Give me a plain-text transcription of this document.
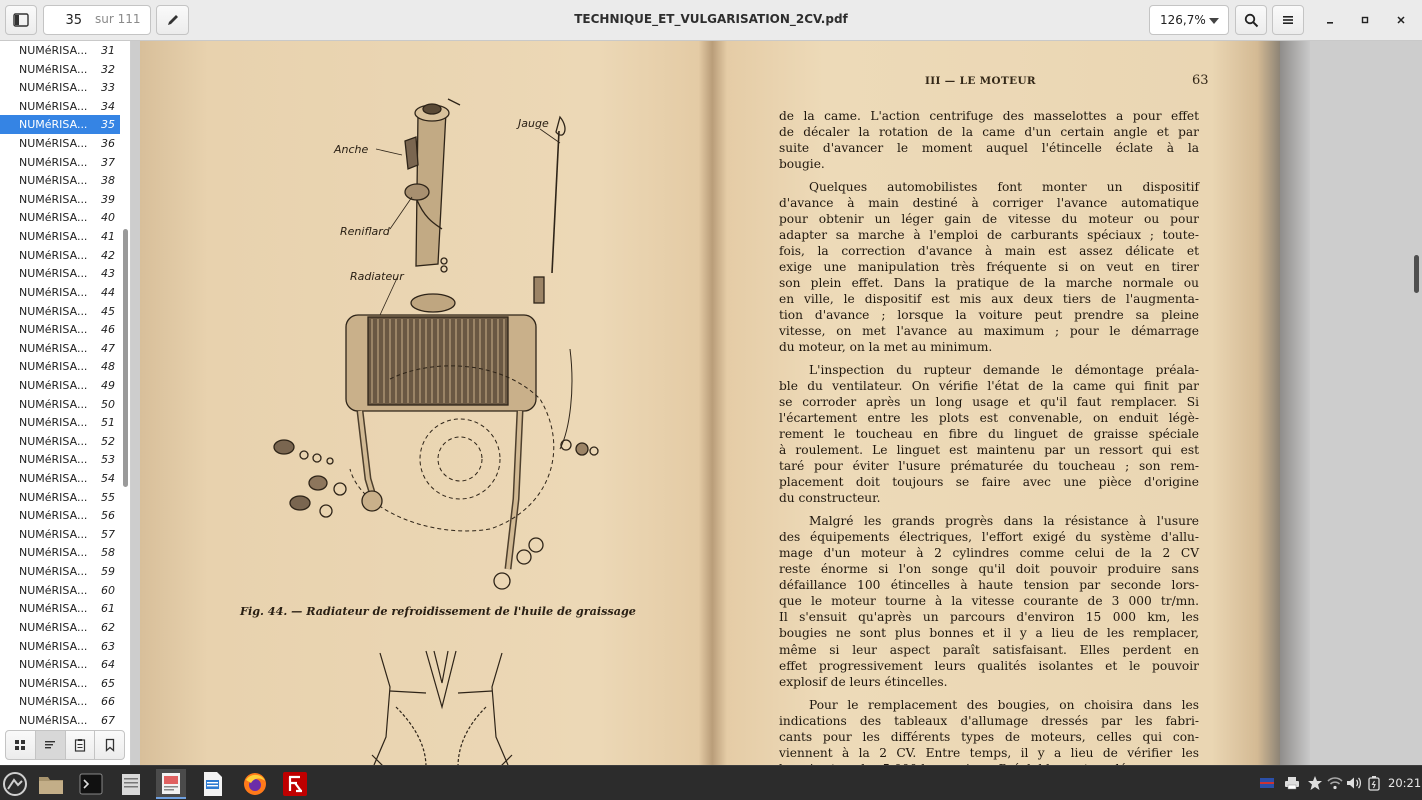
35
sur 111	TECHNIQUE_ET_VULGARISATION_2CV.pdf	126,7%
NUMéRISA... 31
NUMéRISA... 32
NUMéRISA... 33
NUMéRISA... 34
NUMéRISA... 35
NUMéRISA... 36
NUMéRISA... 37
NUMéRISA... 38
NUMéRISA... 39
NUMéRISA... 40
NUMéRISA... 41
NUMéRISA... 42
NUMéRISA... 43
NUMéRISA... 44
NUMéRISA... 45
NUMéRISA... 46
NUMéRISA... 47
NUMéRISA... 48
NUMéRISA... 49
NUMéRISA... 50
NUMéRISA... 51
NUMéRISA... 52
NUMéRISA... 53
NUMéRISA... 54
NUMéRISA... 55
NUMéRISA... 56
NUMéRISA... 57
NUMéRISA... 58
NUMéRISA... 59
NUMéRISA... 60
NUMéRISA... 61
NUMéRISA... 62
NUMéRISA... 63
NUMéRISA... 64
NUMéRISA... 65
NUMéRISA... 66
NUMéRISA... 67
Anche
Jauge
Reniflard
Radiateur
Fig. 44. — Radiateur de refroidissement de l'huile de graissage
III — LE MOTEUR	63
de la came. L'action centrifuge des masselottes a pour effet
de décaler la rotation de la came d'un certain angle et par
suite d'avancer le moment auquel l'étincelle éclate à la
bougie.
Quelques automobilistes font monter un dispositif
d'avance à main destiné à corriger l'avance automatique
pour obtenir un léger gain de vitesse du moteur ou pour
adapter sa marche à l'emploi de carburants spéciaux ; toute-
fois, la correction d'avance à main est assez délicate et
exige une manipulation très fréquente si on veut en tirer
son plein effet. Dans la pratique de la marche normale ou
en ville, le dispositif est mis aux deux tiers de l'augmenta-
tion d'avance ; lorsque la voiture peut prendre sa pleine
vitesse, on met l'avance au maximum ; pour le démarrage
du moteur, on la met au minimum.
L'inspection du rupteur demande le démontage préala-
ble du ventilateur. On vérifie l'état de la came qui finit par
se corroder après un long usage et qu'il faut remplacer. Si
l'écartement entre les plots est convenable, on enduit légè-
rement le toucheau en fibre du linguet de graisse spéciale
à roulement. Le linguet est maintenu par un ressort qui est
taré pour éviter l'usure prématurée du toucheau ; son rem-
placement doit toujours se faire avec une pièce d'origine
du constructeur.
Malgré les grands progrès dans la résistance à l'usure
des équipements électriques, l'effort exigé du système d'allu-
mage d'un moteur à 2 cylindres comme celui de la 2 CV
reste énorme si l'on songe qu'il doit pouvoir produire sans
défaillance 100 étincelles à haute tension par seconde lors-
que le moteur tourne à la vitesse courante de 3 000 tr/mn.
Il s'ensuit qu'après un parcours d'environ 15 000 km, les
bougies ne sont plus bonnes et il y a lieu de les remplacer,
même si leur aspect paraît satisfaisant. Elles perdent en
effet progressivement leurs qualités isolantes et le pouvoir
explosif de leurs étincelles.
Pour le remplacement des bougies, on choisira dans les
indications des tableaux d'allumage dressés par les fabri-
cants pour les différents types de moteurs, celles qui con-
viennent à la 2 CV. Entre temps, il y a lieu de vérifier les
20:21
